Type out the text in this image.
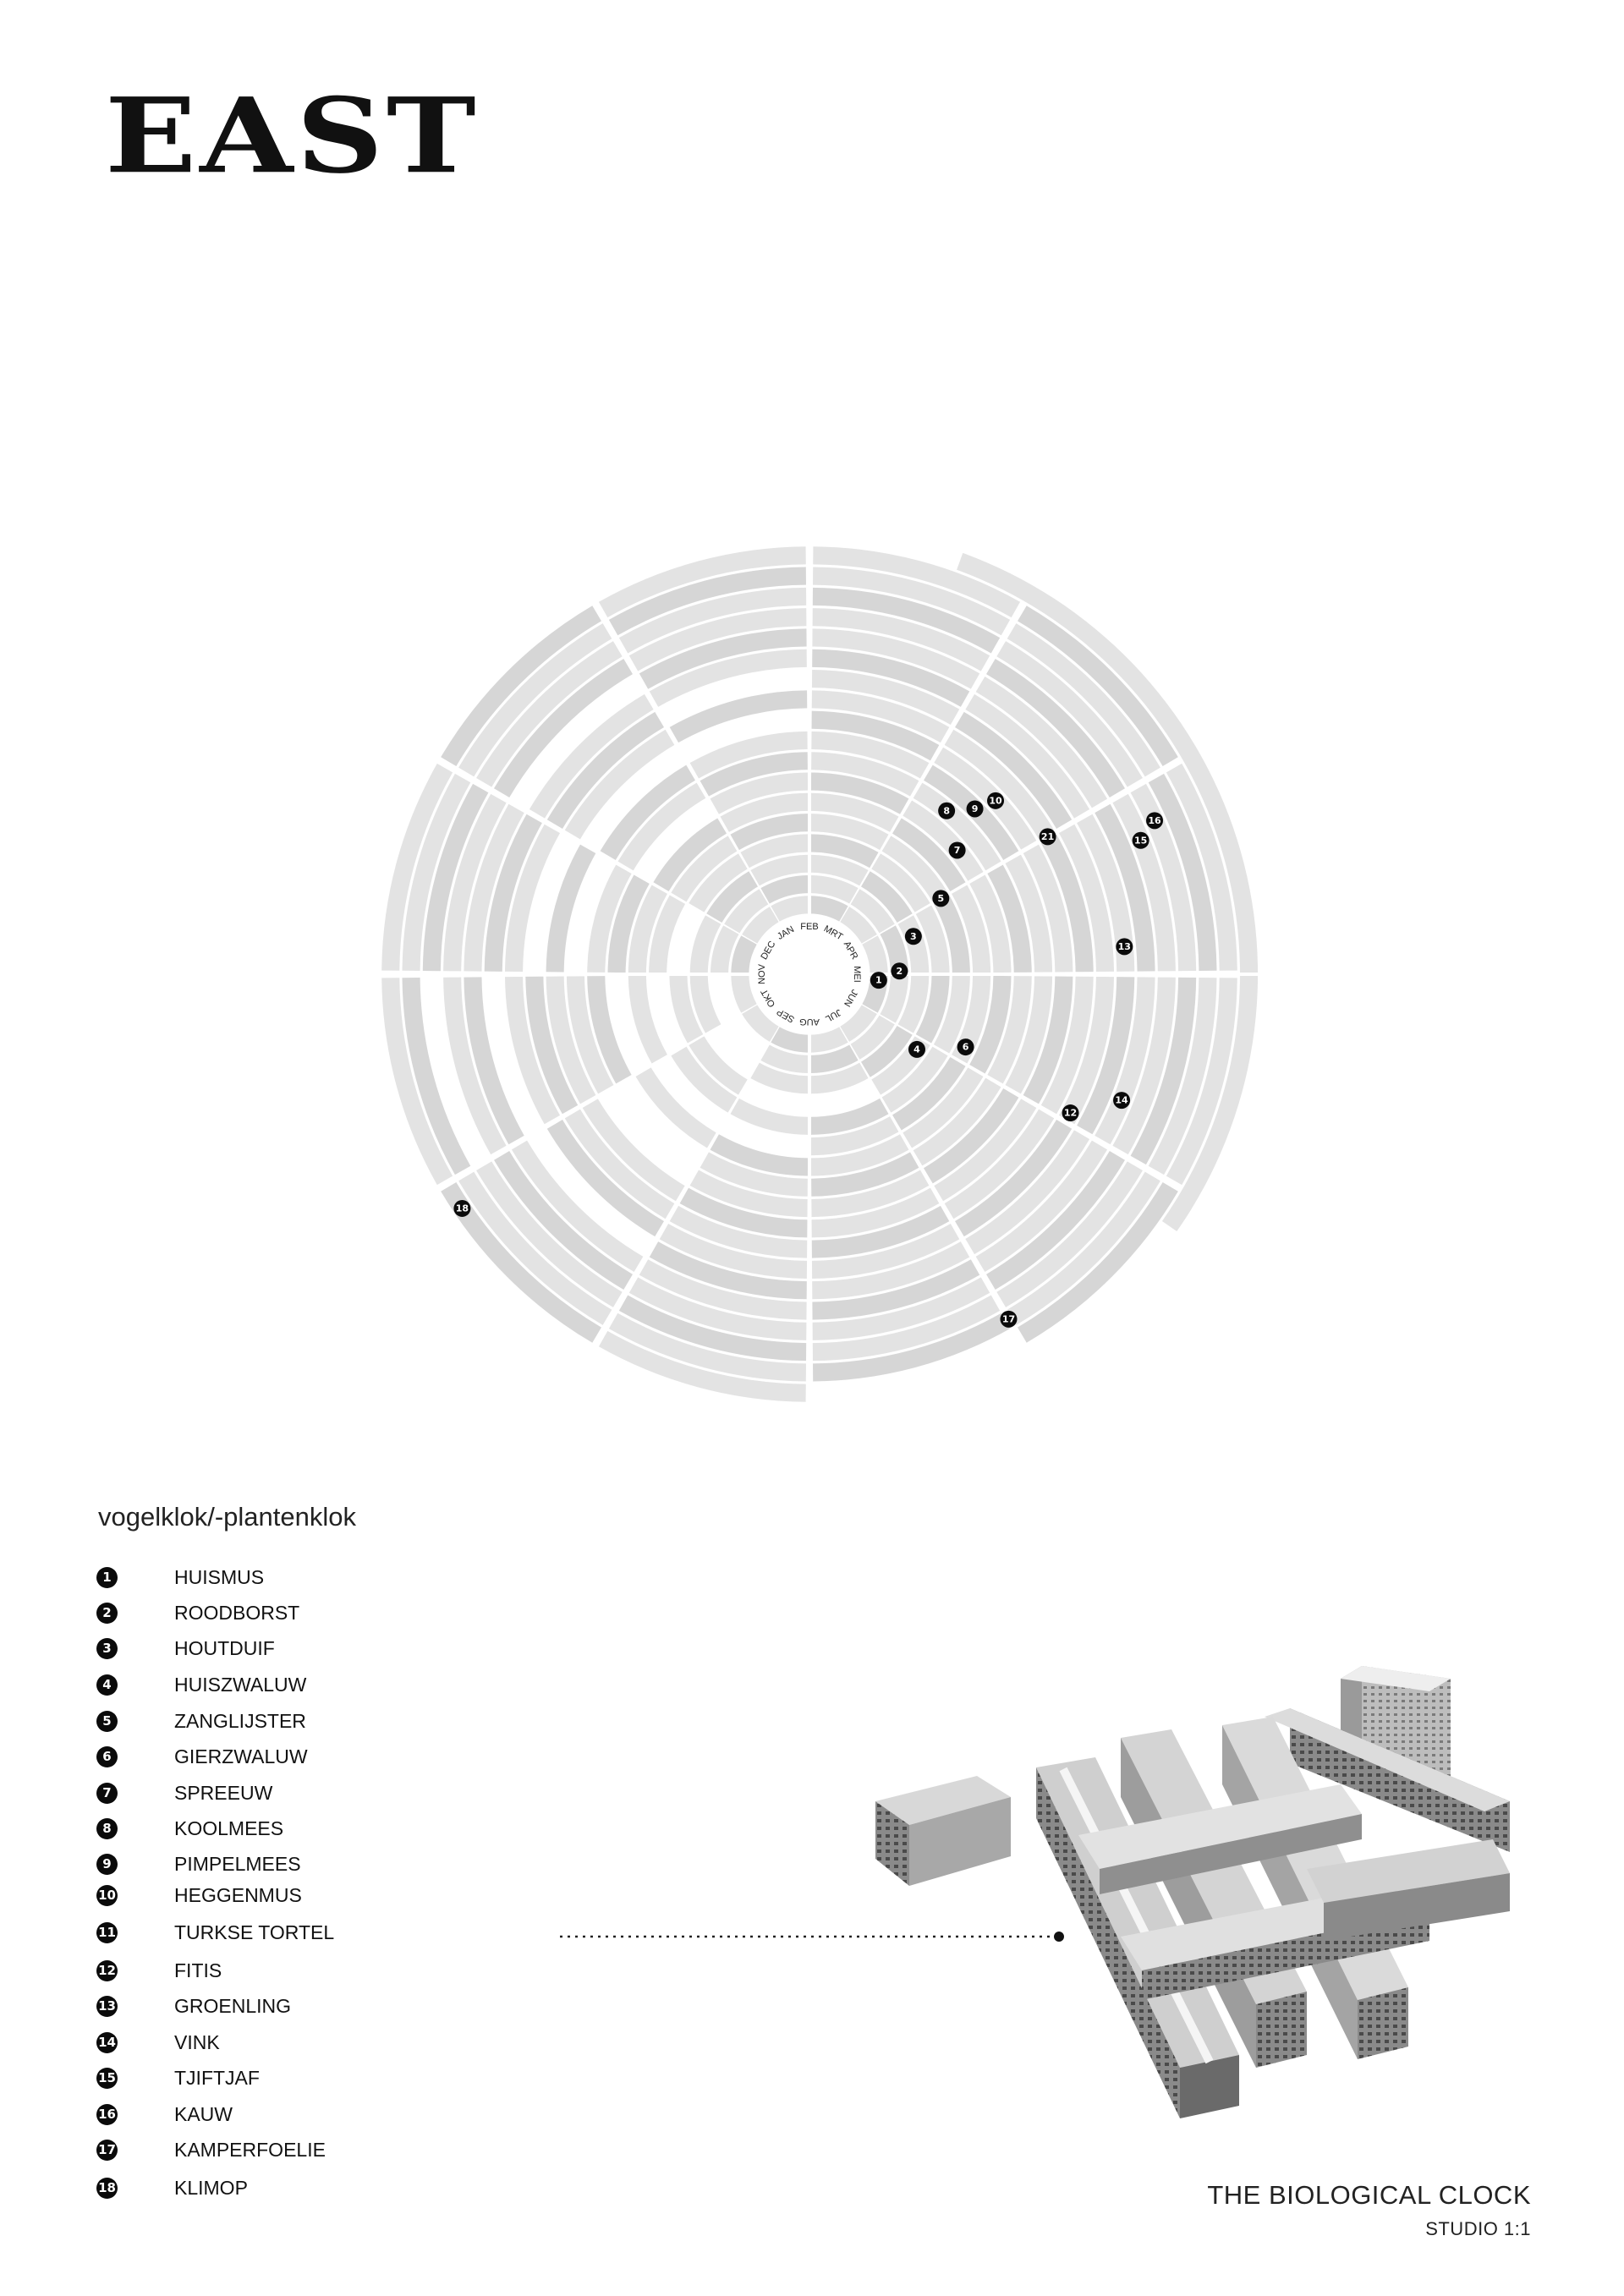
EAST
JAN FEB MRT
APR
MEI
JUN
JUL
AUG
SEP
OKT
NOV
DEC
1
2
3
4
5
6
7
8 9
10
21
12
13
14
15
16
17
18
vogelklok/-plantenklok
1	HUISMUS
2	ROODBORST
3	HOUTDUIF
4	HUISZWALUW
5	ZANGLIJSTER
6	GIERZWALUW
7	SPREEUW
8	KOOLMEES
9	PIMPELMEES
10	HEGGENMUS
11	TURKSE TORTEL
12	FITIS
13	GROENLING
14	VINK
15	TJIFTJAF
16	KAUW
17	KAMPERFOELIE
18	KLIMOP	THE BIOLOGICAL CLOCK
STUDIO 1:1
